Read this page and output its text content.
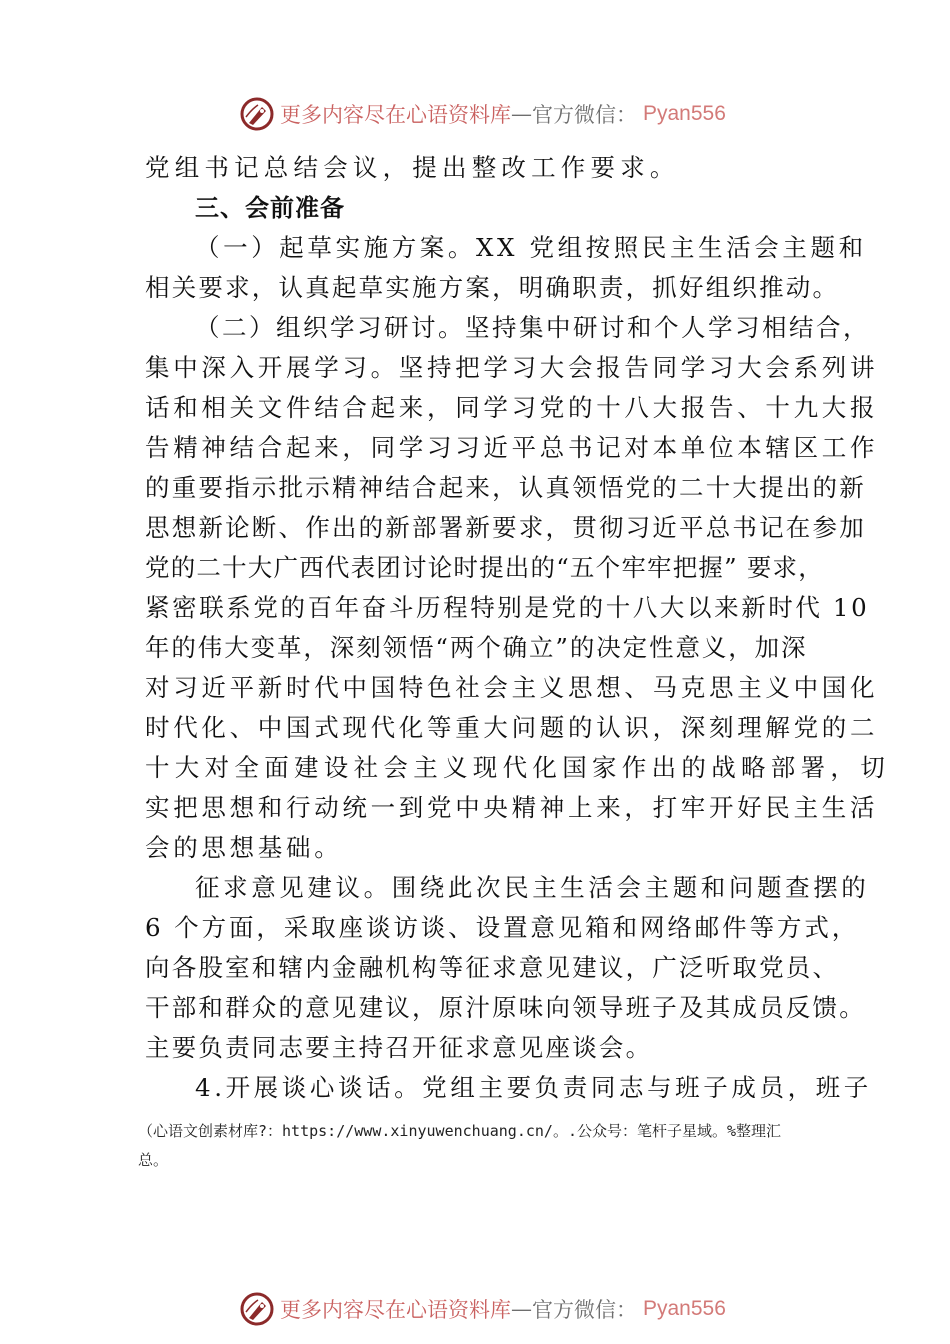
更多内容尽在心语资料库 — 官方微信： Pyan556
党组书记总结会议，提出整改工作要求。
三、会前准备
（一）起草实施方案。XX 党组按照民主生活会主题和
相关要求，认真起草实施方案，明确职责，抓好组织推动。
（二）组织学习研讨。坚持集中研讨和个人学习相结合，
集中深入开展学习。坚持把学习大会报告同学习大会系列讲
话和相关文件结合起来，同学习党的十八大报告、十九大报
告精神结合起来，同学习习近平总书记对本单位本辖区工作
的重要指示批示精神结合起来，认真领悟党的二十大提出的新
思想新论断、作出的新部署新要求，贯彻习近平总书记在参加
党的二十大广西代表团讨论时提出的“五个牢牢把握” 要求，
紧密联系党的百年奋斗历程特别是党的十八大以来新时代 10
年的伟大变革，深刻领悟“两个确立”的决定性意义，加深
对习近平新时代中国特色社会主义思想、马克思主义中国化
时代化、中国式现代化等重大问题的认识，深刻理解党的二
十大对全面建设社会主义现代化国家作出的战略部署，切
实把思想和行动统一到党中央精神上来，打牢开好民主生活
会的思想基础。
征求意见建议。围绕此次民主生活会主题和问题查摆的
6 个方面，采取座谈访谈、设置意见箱和网络邮件等方式，
向各股室和辖内金融机构等征求意见建议，广泛听取党员、
干部和群众的意见建议，原汁原味向领导班子及其成员反馈。
主要负责同志要主持召开征求意见座谈会。
4.开展谈心谈话。党组主要负责同志与班子成员，班子
（心语文创素材库?：https://www.xinyuwenchuang.cn/。.公众号：笔杆子星域。%整理汇
总。
更多内容尽在心语资料库 — 官方微信： Pyan556
